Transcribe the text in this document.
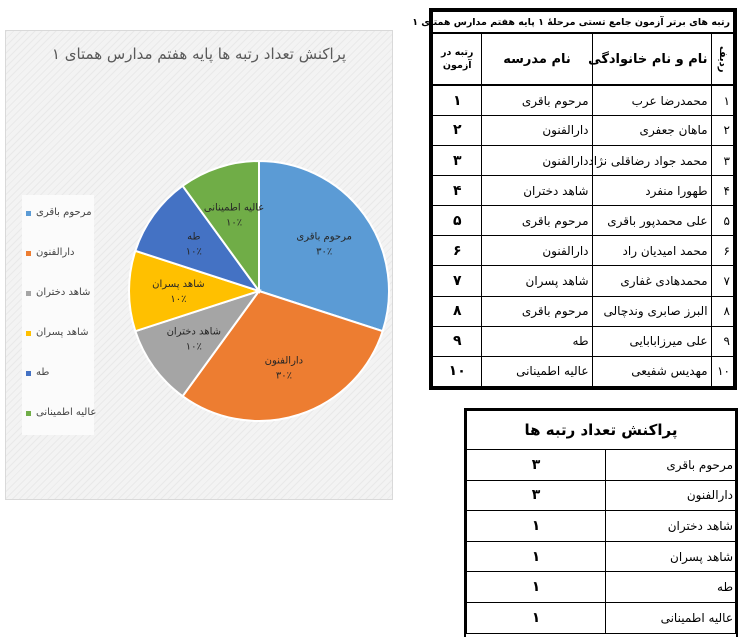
پراکنش تعداد رتبه ها پایه هفتم مدارس همتای ۱
مرحوم باقری
۳۰٪
دارالفنون
۳۰٪
شاهد دختران
۱۰٪
شاهد پسران
۱۰٪
طه
۱۰٪
عالیه اطمینانی
۱۰٪
مرحوم باقری
دارالفنون
شاهد دختران
شاهد پسران
طه
عالیه اطمینانی
رتبه های برتر آزمون جامع تستی مرحلهٔ ۱ پایه هفتم مدارس همتای ۱			
ردیف	نام و نام خانوادگی	نام مدرسه	رتبه در آزمون
۱	محمدرضا عرب	مرحوم باقری	۱
۲	ماهان جعفری	دارالفنون	۲
۳	محمد جواد رضاقلی نژاد	دارالفنون	۳
۴	طهورا منفرد	شاهد دختران	۴
۵	علی محمدپور باقری	مرحوم باقری	۵
۶	محمد امیدیان راد	دارالفنون	۶
۷	محمدهادی غفاری	شاهد پسران	۷
۸	البرز صابری وندچالی	مرحوم باقری	۸
۹	علی میرزابابایی	طه	۹
۱۰	مهدیس شفیعی	عالیه اطمینانی	۱۰
پراکنش تعداد رتبه ها	
مرحوم باقری	۳
دارالفنون	۳
شاهد دختران	۱
شاهد پسران	۱
طه	۱
عالیه اطمینانی	۱
